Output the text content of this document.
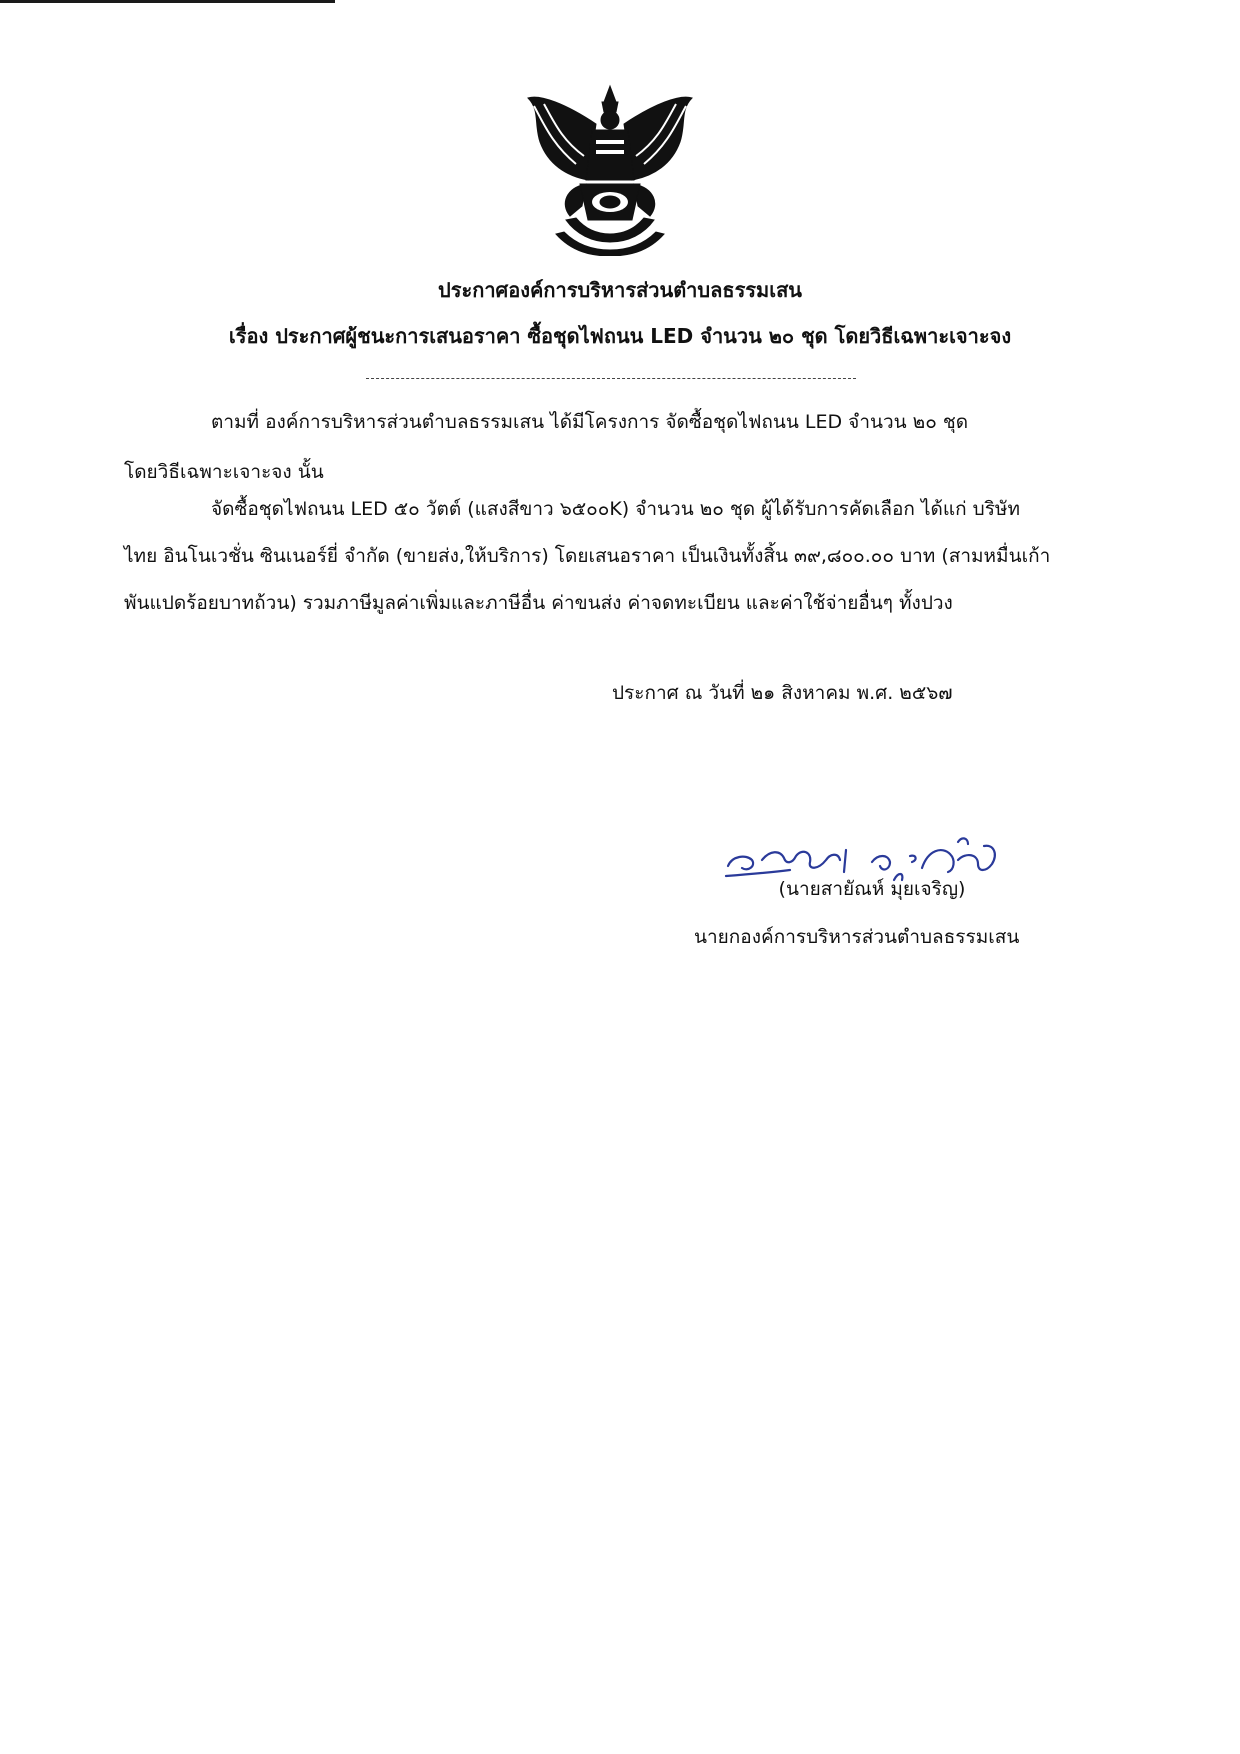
ประกาศองค์การบริหารส่วนตำบลธรรมเสน
เรื่อง ประกาศผู้ชนะการเสนอราคา ซื้อชุดไฟถนน LED จำนวน ๒๐ ชุด โดยวิธีเฉพาะเจาะจง
ตามที่ องค์การบริหารส่วนตำบลธรรมเสน ได้มีโครงการ จัดซื้อชุดไฟถนน LED จำนวน ๒๐ ชุด
โดยวิธีเฉพาะเจาะจง นั้น
จัดซื้อชุดไฟถนน LED ๕๐ วัตต์ (แสงสีขาว ๖๕๐๐K) จำนวน ๒๐ ชุด ผู้ได้รับการคัดเลือก ได้แก่ บริษัท
ไทย อินโนเวชั่น ซินเนอร์ยี่ จำกัด (ขายส่ง,ให้บริการ) โดยเสนอราคา เป็นเงินทั้งสิ้น ๓๙,๘๐๐.๐๐ บาท (สามหมื่นเก้า
พันแปดร้อยบาทถ้วน) รวมภาษีมูลค่าเพิ่มและภาษีอื่น ค่าขนส่ง ค่าจดทะเบียน และค่าใช้จ่ายอื่นๆ ทั้งปวง
ประกาศ ณ วันที่ ๒๑ สิงหาคม พ.ศ. ๒๕๖๗
(นายสายัณห์ มุยเจริญ)
นายกองค์การบริหารส่วนตำบลธรรมเสน
